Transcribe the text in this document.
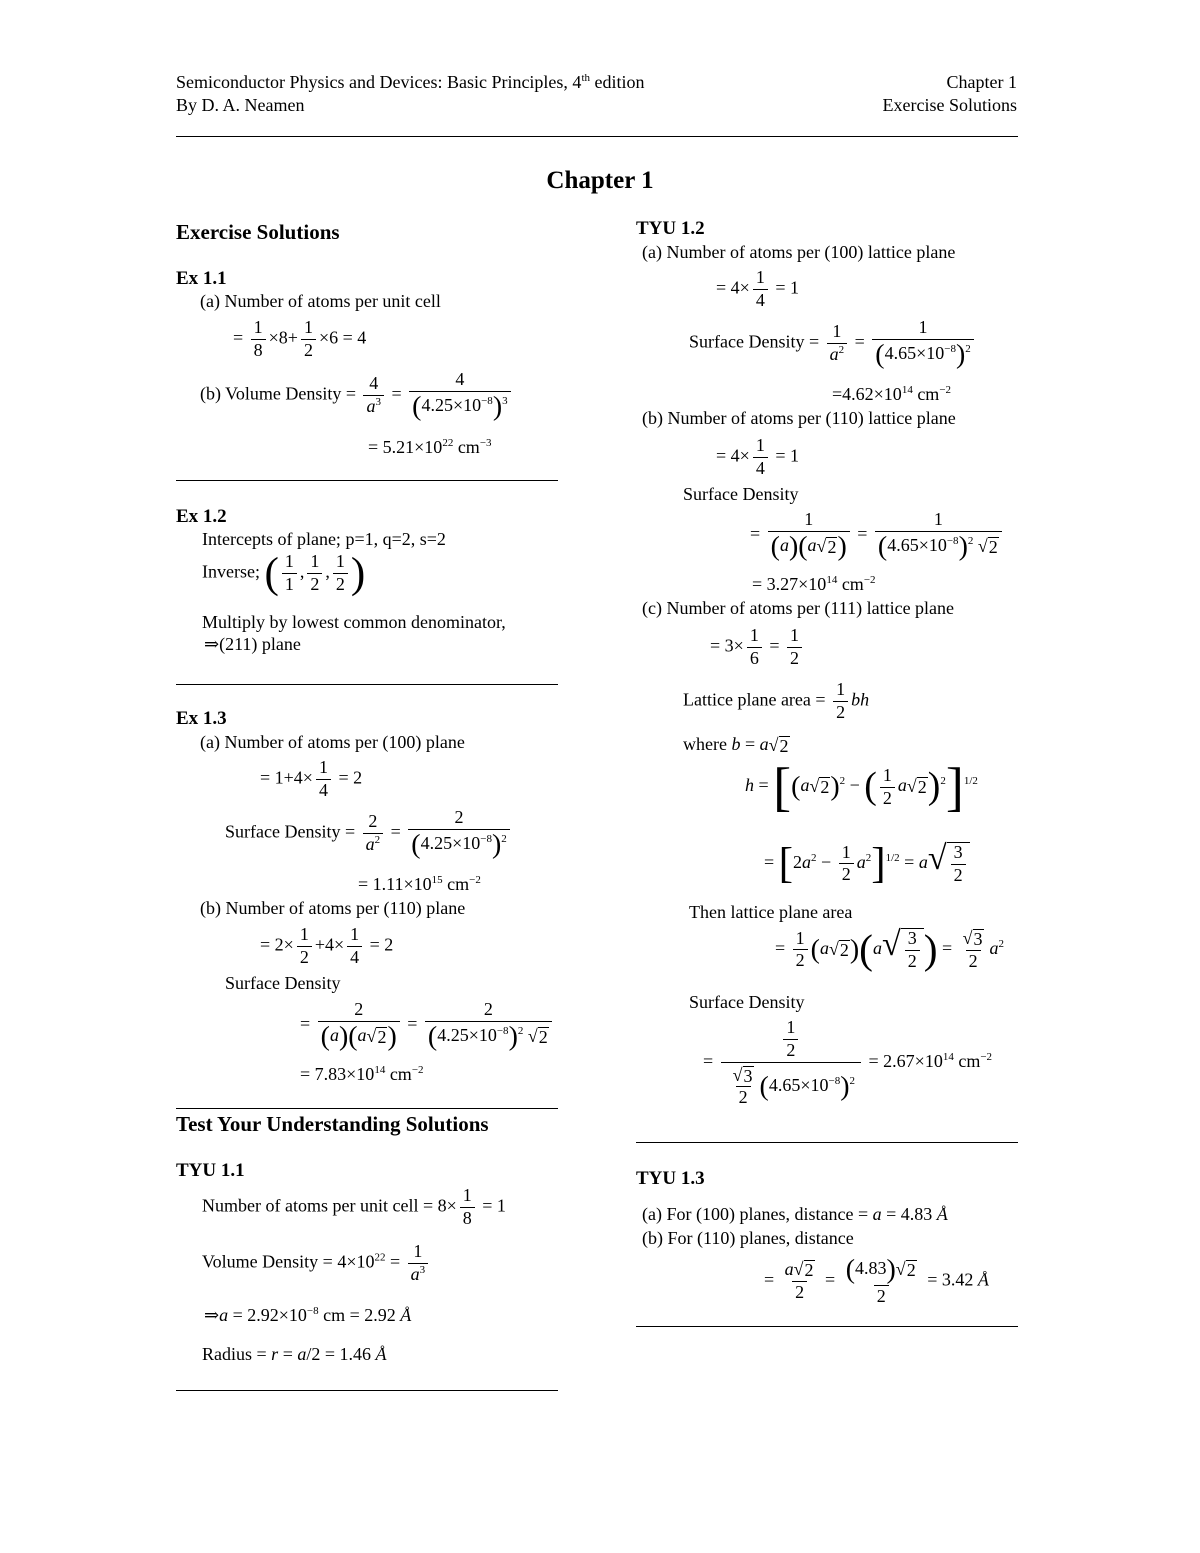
Semiconductor Physics and Devices: Basic Principles, 4th edition
By D. A. Neamen
Chapter 1
Exercise Solutions
Chapter 1
Exercise Solutions
Ex 1.1
(a) Number of atoms per unit cell
= $\frac{1}{8} \times 8+ \frac{1}{2} \times 6 = 4$
(b) Volume Density = $\frac{4}{a^3} = \frac{4}{(4.25\times 10^{-8})^3}$
= $5.21\times 10^{22}$ $cm^{-3}$
Ex 1.2
Intercepts of plane; p=1, q=2, s=2
Inverse; ( $\frac{1}{1}$ , $\frac{1}{2}$ , $\frac{1}{2}$ )
Multiply by lowest common denominator,
⇒(211) plane
Ex 1.3
(a) Number of atoms per (100) plane
= $1+4\times \frac{1}{4} = 2$
Surface Density = $\frac{2}{a^2} = \frac{2}{(4.25\times 10^{-8})^2}$
= $1.11\times 10^{15}$ $cm^{-2}$
(b) Number of atoms per (110) plane
= $2\times \frac{1}{2} +4\times \frac{1}{4} = 2$
Surface Density
= $\frac{2}{(a)(a √ 2 )} = \frac{2}{(4.25\times 10^{-8})^2 √ 2}$
= $7.83\times 10^{14}$ $cm^{-2}$
Test Your Understanding Solutions
TYU 1.1
Number of atoms per unit cell = $8\times \frac{1}{8} = 1$
Volume Density = $4\times 10^{22} = \frac{1}{a^3}$
⇒a = $2.92\times 10^{-8}$ cm = 2.92 Å
Radius = r = a/2 = 1.46 Å
TYU 1.2
(a) Number of atoms per (100) lattice plane
= $4\times \frac{1}{4} = 1$
Surface Density = $\frac{1}{a^2} = \frac{1}{(4.65\times 10^{-8})^2}$
$=4.62\times 10^{14}$ $cm^{-2}$
(b) Number of atoms per (110) lattice plane
= $4\times \frac{1}{4} = 1$
Surface Density
= $\frac{1}{(a)(a √ 2 )} = \frac{1}{(4.65\times 10^{-8})^2 √ 2}$
= $3.27\times 10^{14}$ $cm^{-2}$
(c) Number of atoms per (111) lattice plane
= $3\times \frac{1}{6} = \frac{1}{2}$
Lattice plane area = $\frac{1}{2}$ bh
where b = a √ 2
h = [(a √ 2 )$^2$ − ( $\frac{1}{2}$ a √ 2 )$^2$]$^{1/2}$
= $[2a^2 - \frac{1}{2} a^2]^{1/2} = a$ √ $\frac{3}{2}$
Then lattice plane area
= $\frac{1}{2} (a$ √ 2 )(a √ $\frac{3}{2}$ ) = $\frac{√ 3}{2} a^2$
Surface Density
= $\frac{\frac{1}{2}}{\frac{√ 3}{2} (4.65\times 10^{-8})^2} = 2.67\times 10^{14}$ $cm^{-2}$
TYU 1.3
(a) For (100) planes, distance = a = 4.83 Å
(b) For (110) planes, distance
= $\frac{a √ 2}{2} = \frac{(4.83) √ 2}{2} = 3.42$ Å
